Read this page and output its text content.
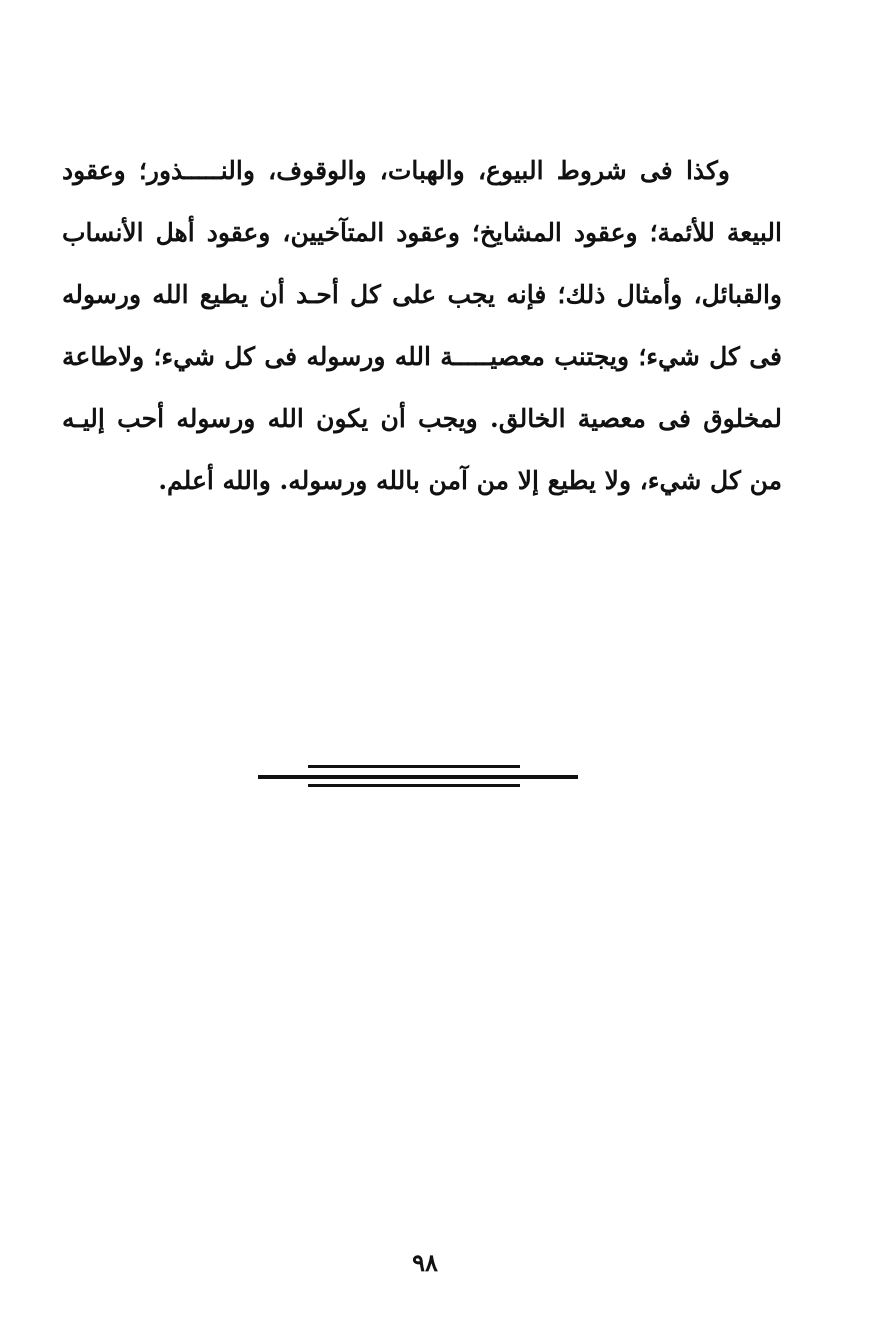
وكذا فى شروط البيوع، والهبات، والوقوف، والنـــــذور؛ وعقود
البيعة للأئمة؛ وعقود المشايخ؛ وعقود المتآخيين، وعقود أهل الأنساب
والقبائل، وأمثال ذلك؛ فإنه يجب على كل أحـد أن يطيع الله ورسوله
فى كل شيء؛ ويجتنب معصيـــــة الله ورسوله فى كل شيء؛ ولاطاعة
لمخلوق فى معصية الخالق. ويجب أن يكون الله ورسوله أحب إليـه
من كل شيء، ولا يطيع إلا من آمن بالله ورسوله. والله أعلم.
٩٨
